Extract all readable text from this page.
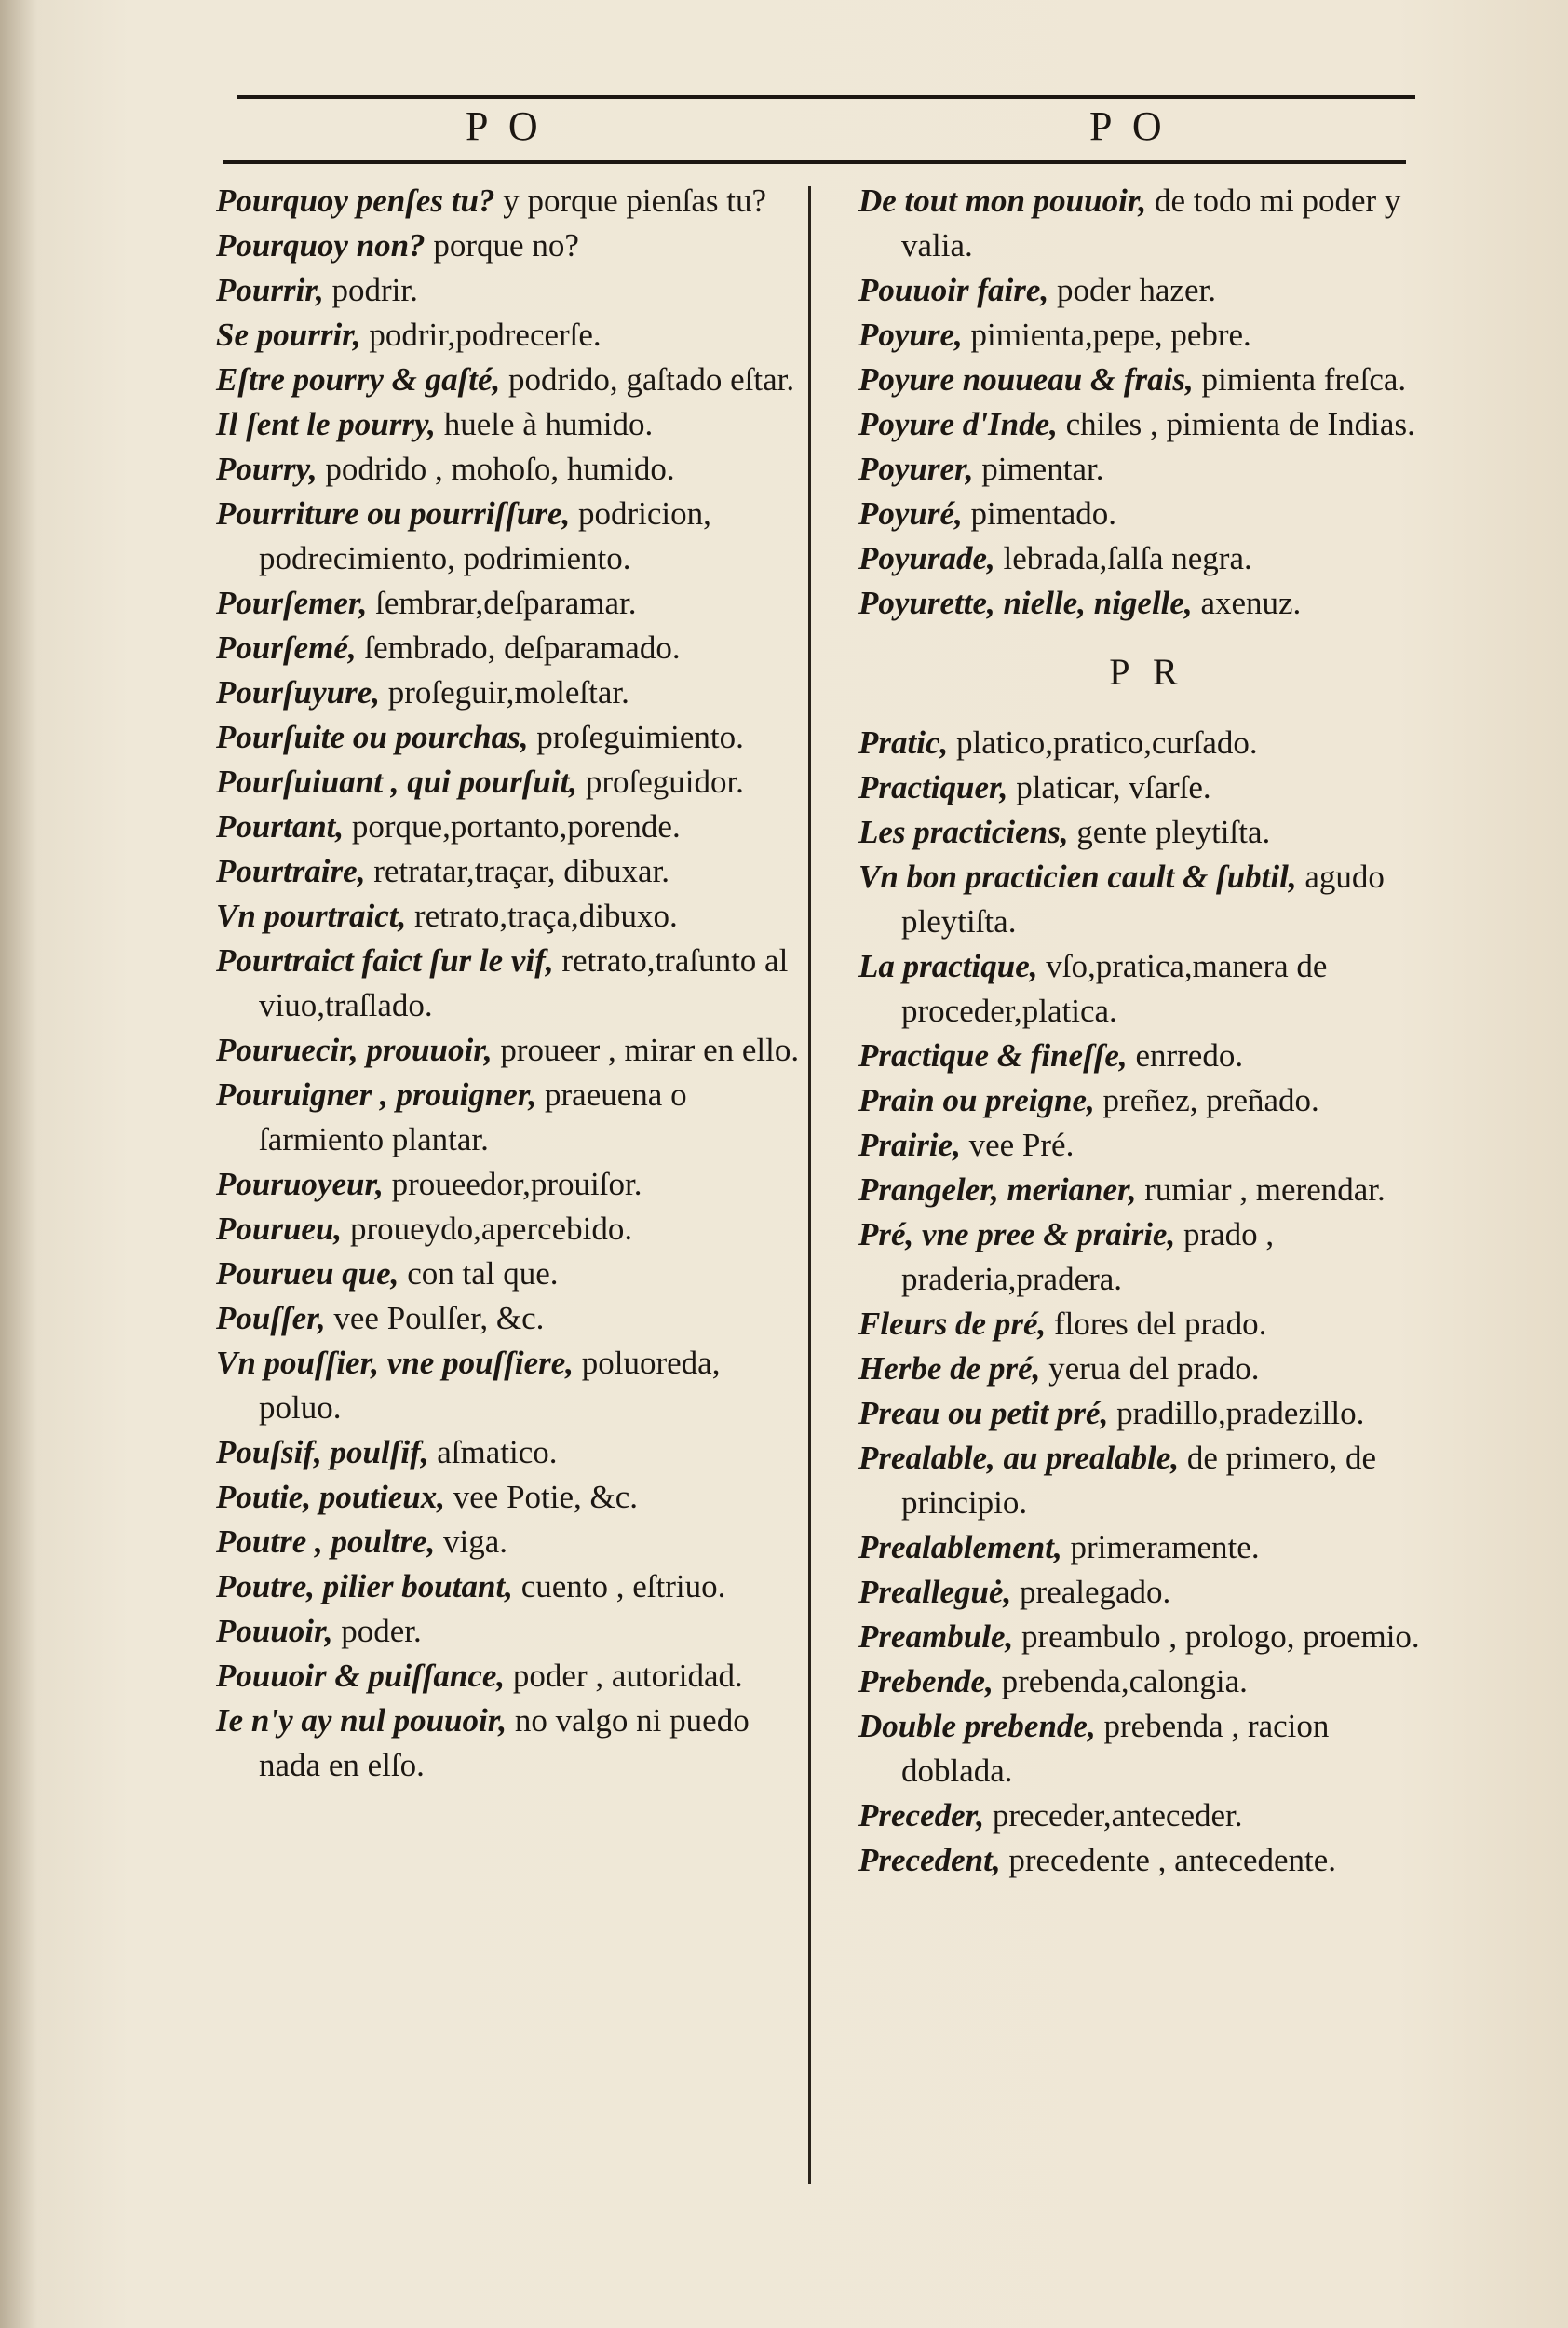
P O	P O

Pourquoy penſes tu? y porque pienſas tu?

Pourquoy non? porque no?

Pourrir, podrir.

Se pourrir, podrir,podrecerſe.

Eſtre pourry & gaſté, podrido, gaſtado eſtar.

Il ſent le pourry, huele à humido.

Pourry, podrido , mohoſo, humido.

Pourriture ou pourriſſure, podricion, podrecimiento, podrimiento.

Pourſemer, ſembrar,deſparamar.

Pourſemé, ſembrado, deſparamado.

Pourſuyure, proſeguir,moleſtar.

Pourſuite ou pourchas, proſeguimiento.

Pourſuiuant , qui pourſuit, proſeguidor.

Pourtant, porque,portanto,porende.

Pourtraire, retratar,traçar, dibuxar.

Vn pourtraict, retrato,traça,dibuxo.

Pourtraict faict ſur le vif, retrato,traſunto al viuo,traſlado.

Pouruecir, prouuoir, proueer , mirar en ello.

Pouruigner , prouigner, praeuena o ſarmiento plantar.

Pouruoyeur, proueedor,prouiſor.

Pourueu, proueydo,apercebido.

Pourueu que, con tal que.

Pouſſer, vee Poulſer, &c.

Vn pouſſier, vne pouſſiere, poluoreda, poluo.

Pouſsif, poulſif, aſmatico.

Poutie, poutieux, vee Potie, &c.

Poutre , poultre, viga.

Poutre, pilier boutant, cuento , eſtriuo.

Pouuoir, poder.

Pouuoir & puiſſance, poder , autoridad.

Ie n'y ay nul pouuoir, no valgo ni puedo nada en elſo.

De tout mon pouuoir, de todo mi poder y valia.

Pouuoir faire, poder hazer.

Poyure, pimienta,pepe, pebre.

Poyure nouueau & frais, pimienta freſca.

Poyure d'Inde, chiles , pimienta de Indias.

Poyurer, pimentar.

Poyuré, pimentado.

Poyurade, lebrada,ſalſa negra.

Poyurette, nielle, nigelle, axenuz.

P R

Pratic, platico,pratico,curſado.

Practiquer, platicar, vſarſe.

Les practiciens, gente pleytiſta.

Vn bon practicien cault & ſubtil, agudo pleytiſta.

La practique, vſo,pratica,manera de proceder,platica.

Practique & fineſſe, enrredo.

Prain ou preigne, preñez, preñado.

Prairie, vee Pré.

Prangeler, merianer, rumiar , merendar.

Pré, vne pree & prairie, prado , praderia,pradera.

Fleurs de pré, flores del prado.

Herbe de pré, yerua del prado.

Preau ou petit pré, pradillo,pradezillo.

Prealable, au prealable, de primero, de principio.

Prealablement, primeramente.

Prealleguė, prealegado.

Preambule, preambulo , prologo, proemio.

Prebende, prebenda,calongia.

Double prebende, prebenda , racion doblada.

Preceder, preceder,anteceder.

Precedent, precedente , antecedente.
